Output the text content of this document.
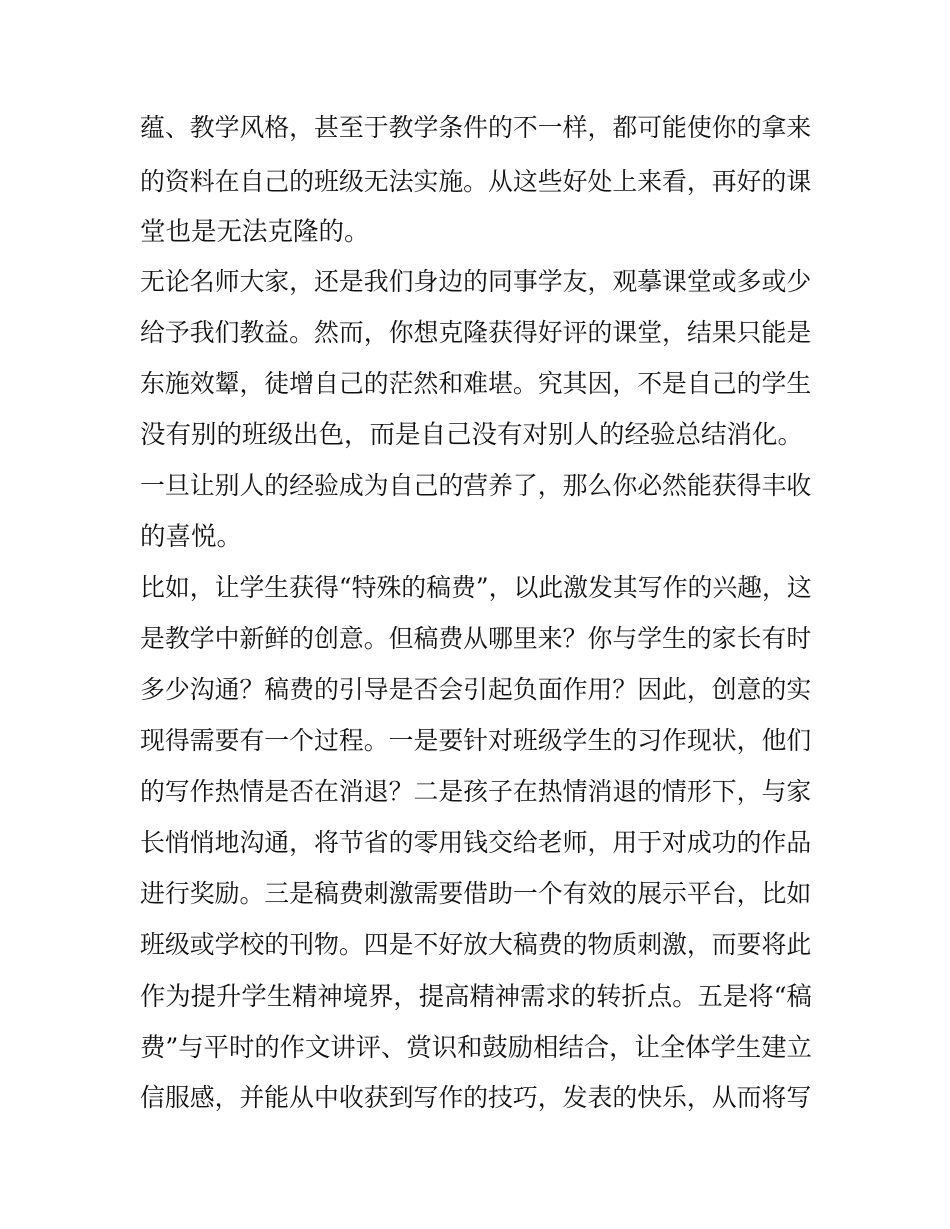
蕴、教学风格，甚至于教学条件的不一样，都可能使你的拿来
的资料在自己的班级无法实施。从这些好处上来看，再好的课
堂也是无法克隆的。
无论名师大家，还是我们身边的同事学友，观摹课堂或多或少
给予我们教益。然而，你想克隆获得好评的课堂，结果只能是
东施效颦，徒增自己的茫然和难堪。究其因，不是自己的学生
没有别的班级出色，而是自己没有对别人的经验总结消化。
一旦让别人的经验成为自己的营养了，那么你必然能获得丰收
的喜悦。
比如，让学生获得“特殊的稿费”，以此激发其写作的兴趣，这
是教学中新鲜的创意。但稿费从哪里来？你与学生的家长有时
多少沟通？稿费的引导是否会引起负面作用？因此，创意的实
现得需要有一个过程。一是要针对班级学生的习作现状，他们
的写作热情是否在消退？二是孩子在热情消退的情形下，与家
长悄悄地沟通，将节省的零用钱交给老师，用于对成功的作品
进行奖励。三是稿费刺激需要借助一个有效的展示平台，比如
班级或学校的刊物。四是不好放大稿费的物质刺激，而要将此
作为提升学生精神境界，提高精神需求的转折点。五是将“稿
费”与平时的作文讲评、赏识和鼓励相结合，让全体学生建立
信服感，并能从中收获到写作的技巧，发表的快乐，从而将写
